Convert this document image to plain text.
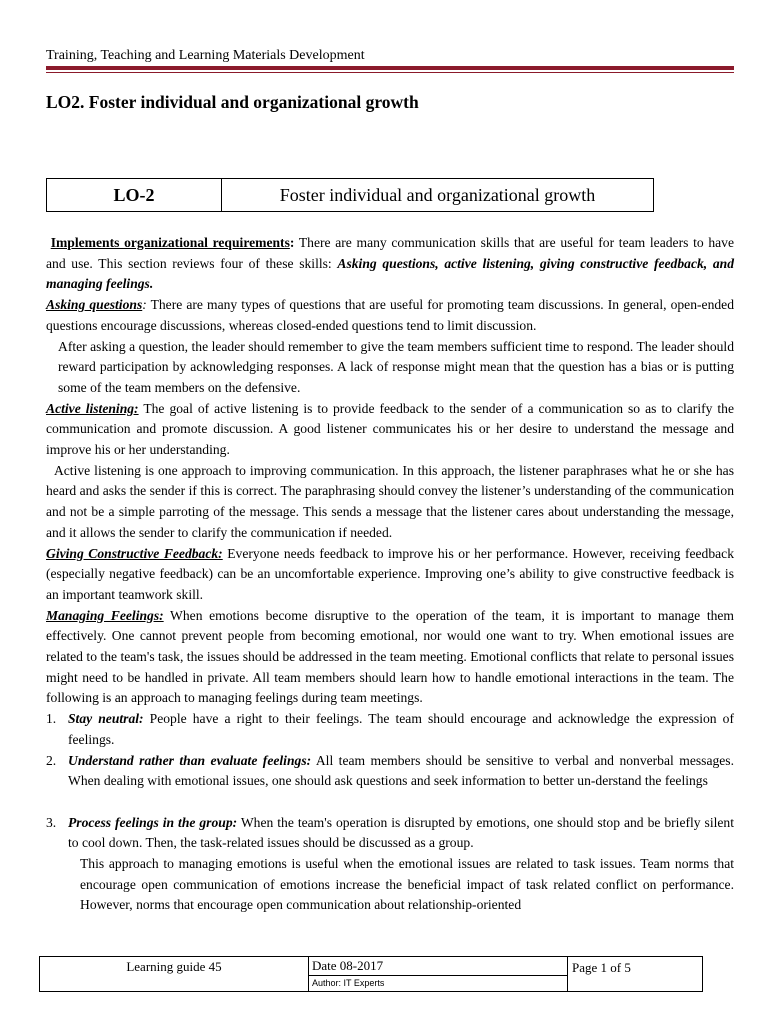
Training, Teaching and Learning Materials Development
LO2. Foster individual and organizational growth
LO-2	Foster individual and organizational growth

Implements organizational requirements: There are many communication skills that are useful for team leaders to have and use. This section reviews four of these skills: Asking questions, active listening, giving constructive feedback, and managing feelings.

Asking questions: There are many types of questions that are useful for promoting team discussions. In general, open-ended questions encourage discussions, whereas closed-ended questions tend to limit discussion.

After asking a question, the leader should remember to give the team members sufficient time to respond. The leader should reward participation by acknowledging responses. A lack of response might mean that the question has a bias or is putting some of the team members on the defensive.

Active listening: The goal of active listening is to provide feedback to the sender of a communication so as to clarify the communication and promote discussion. A good listener communicates his or her desire to understand the message and improve his or her understanding.

Active listening is one approach to improving communication. In this approach, the listener paraphrases what he or she has heard and asks the sender if this is correct. The paraphrasing should convey the listener’s understanding of the communication and not be a simple parroting of the message. This sends a message that the listener cares about understanding the message, and it allows the sender to clarify the communication if needed.

Giving Constructive Feedback: Everyone needs feedback to improve his or her performance. However, receiving feedback (especially negative feedback) can be an uncomfortable experience. Improving one’s ability to give constructive feedback is an important teamwork skill.

Managing Feelings: When emotions become disruptive to the operation of the team, it is important to manage them effectively. One cannot prevent people from becoming emotional, nor would one want to try. When emotional issues are related to the team's task, the issues should be addressed in the team meeting. Emotional conflicts that relate to personal issues might need to be handled in private. All team members should learn how to handle emotional interactions in the team. The following is an approach to managing feelings during team meetings.

1. Stay neutral: People have a right to their feelings. The team should encourage and acknowledge the expression of feelings.
2. Understand rather than evaluate feelings: All team members should be sensitive to verbal and nonverbal messages. When dealing with emotional issues, one should ask questions and seek information to better un-derstand the feelings
3. Process feelings in the group: When the team's operation is disrupted by emotions, one should stop and be briefly silent to cool down. Then, the task-related issues should be discussed as a group.

This approach to managing emotions is useful when the emotional issues are related to task issues. Team norms that encourage open communication of emotions increase the beneficial impact of task related conflict on performance. However, norms that encourage open communication about relationship-oriented

Learning guide 45	Date 08-2017
Author: IT Experts
Page 1 of 5
